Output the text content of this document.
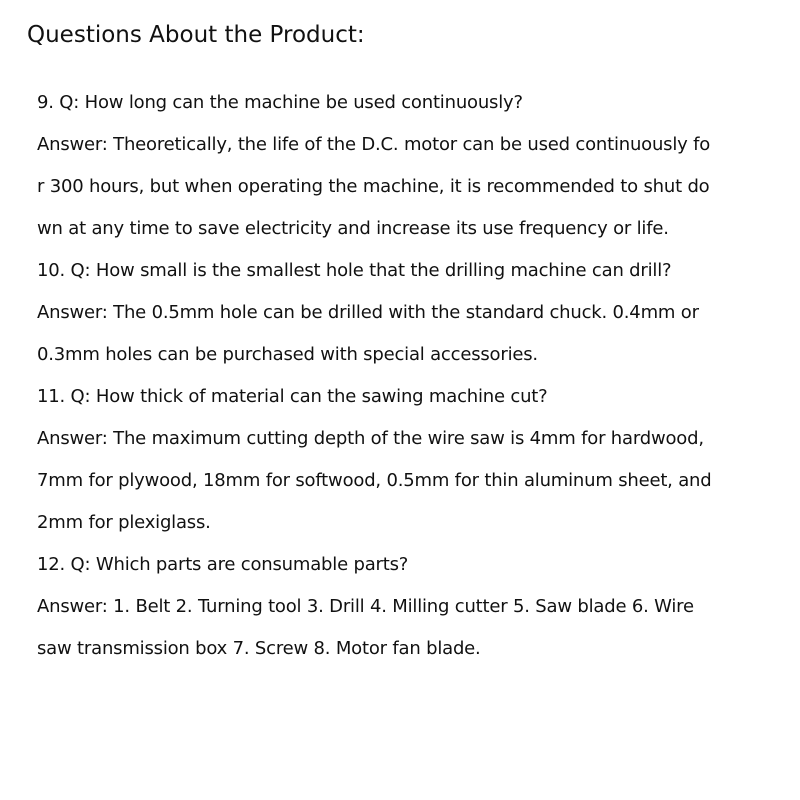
Questions About the Product:
9. Q: How long can the machine be used continuously?
Answer: Theoretically, the life of the D.C. motor can be used continuously fo
r 300 hours, but when operating the machine, it is recommended to shut do
wn at any time to save electricity and increase its use frequency or life.
10. Q: How small is the smallest hole that the drilling machine can drill?
Answer: The 0.5mm hole can be drilled with the standard chuck. 0.4mm or
0.3mm holes can be purchased with special accessories.
11. Q: How thick of material can the sawing machine cut?
Answer: The maximum cutting depth of the wire saw is 4mm for hardwood,
7mm for plywood, 18mm for softwood, 0.5mm for thin aluminum sheet, and
2mm for plexiglass.
12. Q: Which parts are consumable parts?
Answer: 1. Belt 2. Turning tool 3. Drill 4. Milling cutter 5. Saw blade 6. Wire
saw transmission box 7. Screw 8. Motor fan blade.
